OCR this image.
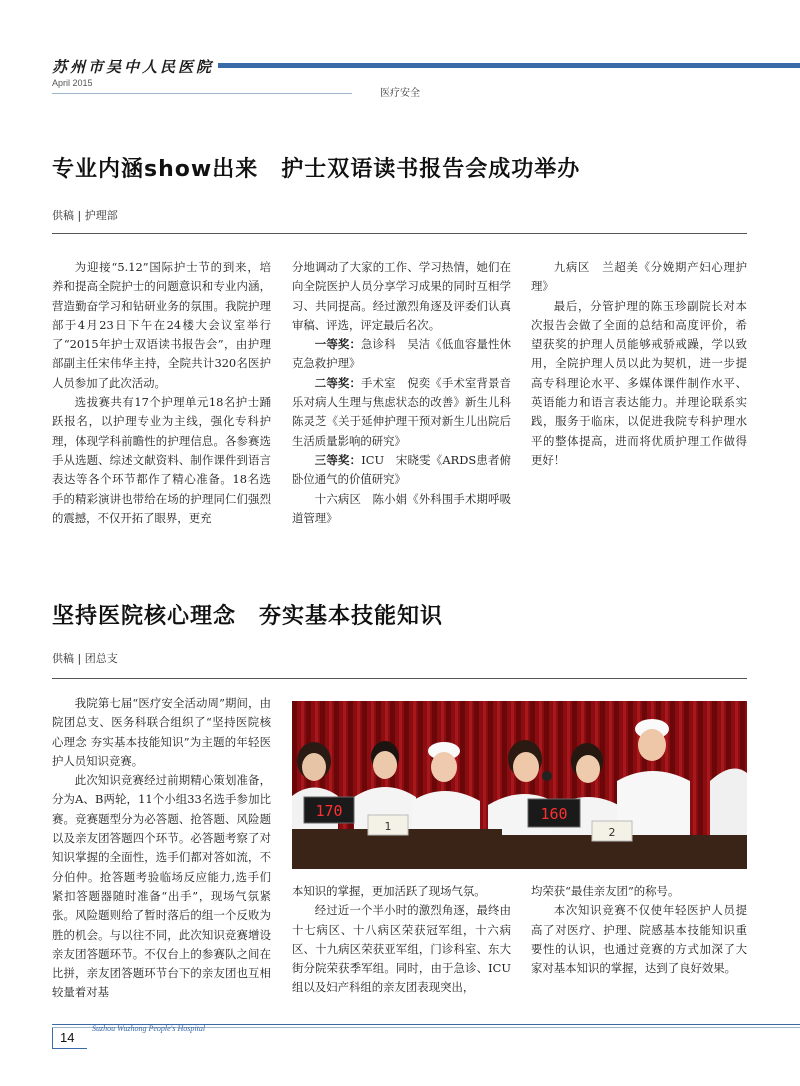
苏州市吴中人民医院
April 2015
医疗安全
专业内涵show出来　护士双语读书报告会成功举办
供稿 | 护理部

为迎接“5.12”国际护士节的到来，培养和提高全院护士的问题意识和专业内涵，营造勤奋学习和钻研业务的氛围。我院护理部于4月23日下午在24楼大会议室举行了“2015年护士双语读书报告会”，由护理部副主任宋伟华主持，全院共计320名医护人员参加了此次活动。

选拔赛共有17个护理单元18名护士踊跃报名，以护理专业为主线，强化专科护理，体现学科前瞻性的护理信息。各参赛选手从选题、综述文献资料、制作课件到语言表达等各个环节都作了精心准备。18名选手的精彩演讲也带给在场的护理同仁们强烈的震撼，不仅开拓了眼界，更充

分地调动了大家的工作、学习热情，她们在向全院医护人员分享学习成果的同时互相学习、共同提高。经过激烈角逐及评委们认真审稿、评选，评定最后名次。

一等奖：急诊科　吴洁《低血容量性休克急救护理》

二等奖：手术室　倪奕《手术室背景音乐对病人生理与焦虑状态的改善》新生儿科　陈灵芝《关于延伸护理干预对新生儿出院后生活质量影响的研究》

三等奖：ICU　宋晓雯《ARDS患者俯卧位通气的价值研究》

十六病区　陈小娟《外科围手术期呼吸道管理》

九病区　兰超美《分娩期产妇心理护理》

最后，分管护理的陈玉珍副院长对本次报告会做了全面的总结和高度评价，希望获奖的护理人员能够戒骄戒躁，学以致用，全院护理人员以此为契机，进一步提高专科理论水平、多媒体课件制作水平、英语能力和语言表达能力。并理论联系实践，服务于临床，以促进我院专科护理水平的整体提高，进而将优质护理工作做得更好！

坚持医院核心理念　夯实基本技能知识
供稿 | 团总支

我院第七届“医疗安全活动周”期间，由院团总支、医务科联合组织了“坚持医院核心理念 夯实基本技能知识”为主题的年轻医护人员知识竞赛。

此次知识竞赛经过前期精心策划准备，分为A、B两轮，11个小组33名选手参加比赛。竞赛题型分为必答题、抢答题、风险题以及亲友团答题四个环节。必答题考察了对知识掌握的全面性，选手们都对答如流，不分伯仲。抢答题考验临场反应能力,选手们紧扣答题器随时准备“出手”，现场气氛紧张。风险题则给了暂时落后的组一个反败为胜的机会。与以往不同，此次知识竞赛增设亲友团答题环节。不仅台上的参赛队之间在比拼，亲友团答题环节台下的亲友团也互相较量着对基

170	160
1	2

本知识的掌握，更加活跃了现场气氛。

经过近一个半小时的激烈角逐，最终由十七病区、十八病区荣获冠军组，十六病区、十九病区荣获亚军组，门诊科室、东大街分院荣获季军组。同时，由于急诊、ICU组以及妇产科组的亲友团表现突出，

均荣获“最佳亲友团”的称号。

本次知识竞赛不仅使年轻医护人员提高了对医疗、护理、院感基本技能知识重要性的认识，也通过竞赛的方式加深了大家对基本知识的掌握，达到了良好效果。

14
Suzhou Wuzhong People's Hospital
